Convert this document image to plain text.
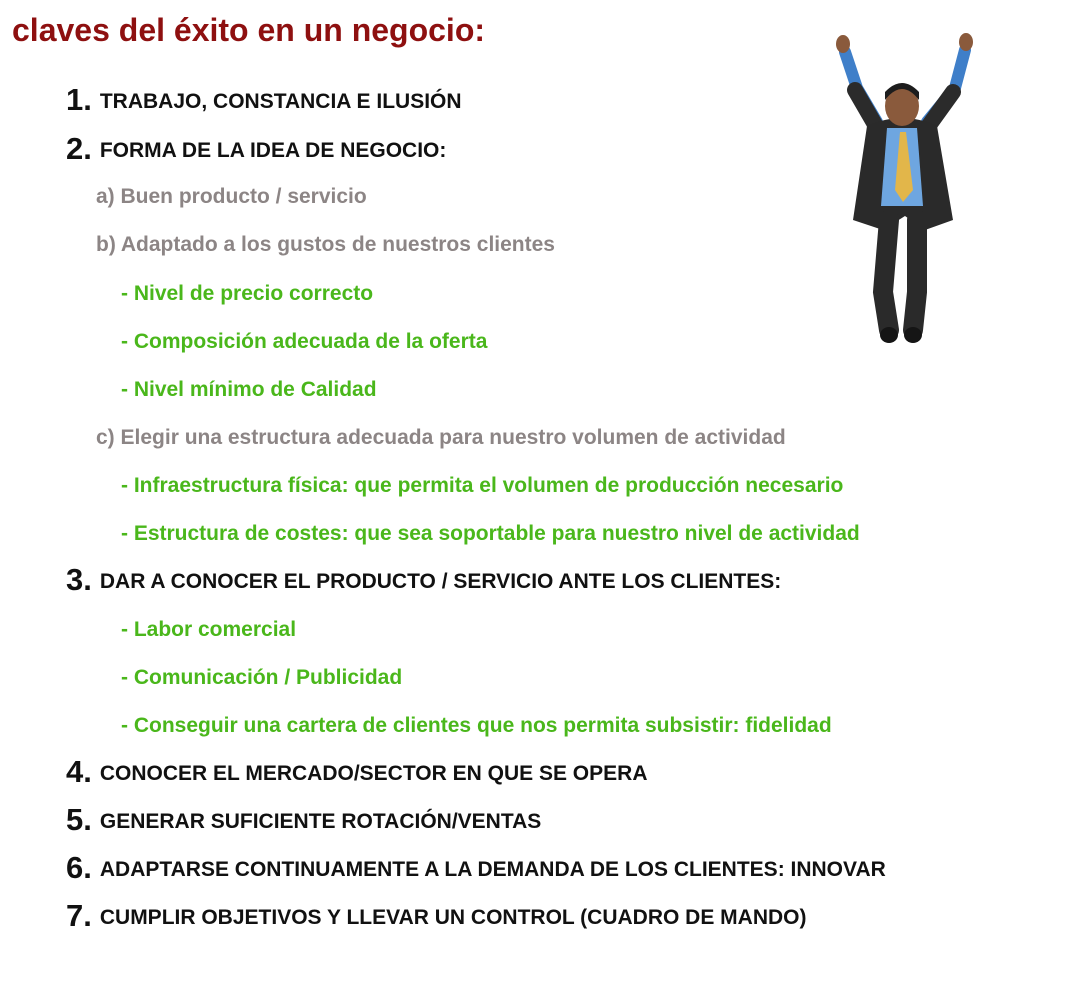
claves del éxito en un negocio:
1. TRABAJO, CONSTANCIA E ILUSIÓN
2. FORMA DE LA IDEA DE NEGOCIO:
a) Buen producto / servicio
b) Adaptado a los gustos de nuestros clientes
- Nivel de precio correcto
- Composición adecuada de la oferta
- Nivel mínimo de Calidad
c) Elegir una estructura adecuada para nuestro volumen de actividad
- Infraestructura física: que permita el volumen de producción necesario
- Estructura de costes: que sea soportable para nuestro nivel de actividad
3. DAR A CONOCER EL PRODUCTO / SERVICIO ANTE LOS CLIENTES:
- Labor comercial
- Comunicación / Publicidad
- Conseguir una cartera de clientes que nos permita subsistir: fidelidad
4. CONOCER EL MERCADO/SECTOR EN QUE SE OPERA
5. GENERAR SUFICIENTE ROTACIÓN/VENTAS
6. ADAPTARSE CONTINUAMENTE A LA DEMANDA DE LOS CLIENTES: INNOVAR
7. CUMPLIR OBJETIVOS Y LLEVAR UN CONTROL (CUADRO DE MANDO)
